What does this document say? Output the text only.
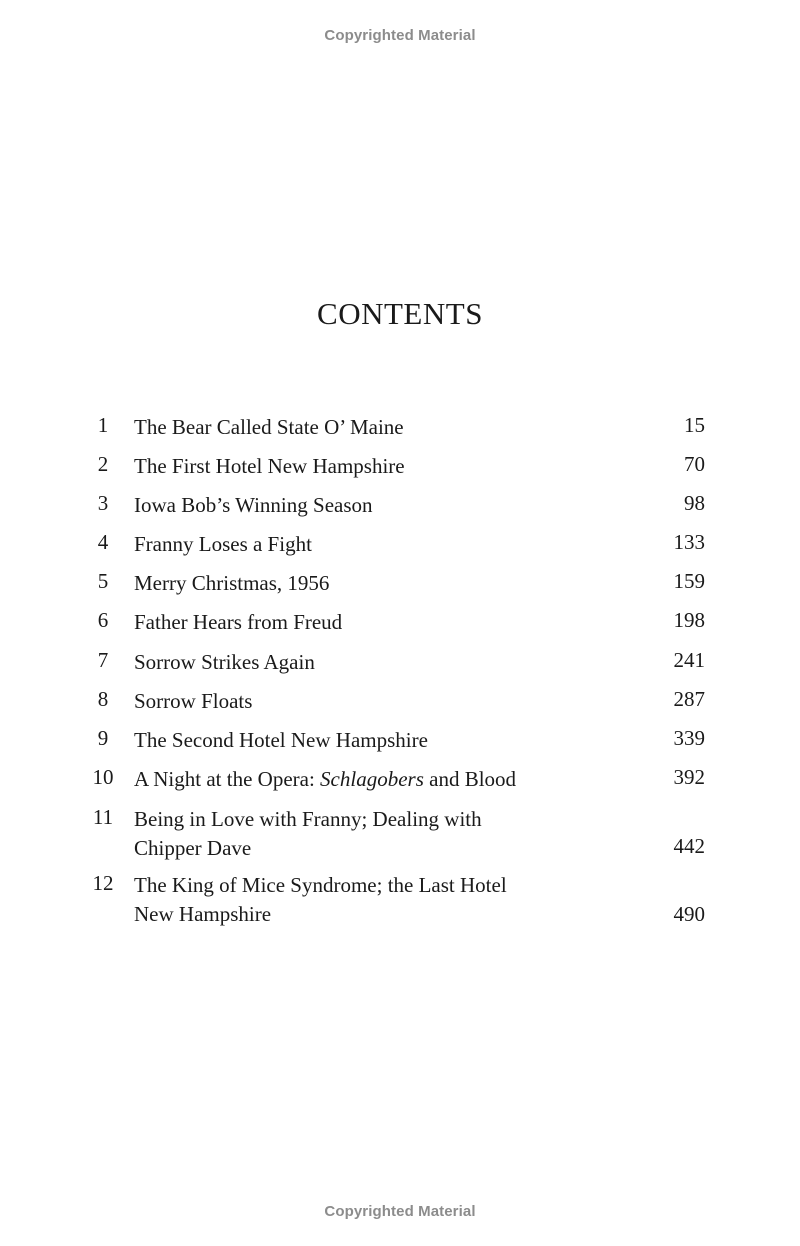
Copyrighted Material
CONTENTS
1	The Bear Called State O’ Maine	15
2	The First Hotel New Hampshire	70
3	Iowa Bob’s Winning Season	98
4	Franny Loses a Fight	133
5	Merry Christmas, 1956	159
6	Father Hears from Freud	198
7	Sorrow Strikes Again	241
8	Sorrow Floats	287
9	The Second Hotel New Hampshire	339
10 A Night at the Opera: Schlagobers and Blood	392
11 Being in Love with Franny; Dealing with
Chipper Dave	442
12 The King of Mice Syndrome; the Last Hotel
New Hampshire	490
Copyrighted Material
